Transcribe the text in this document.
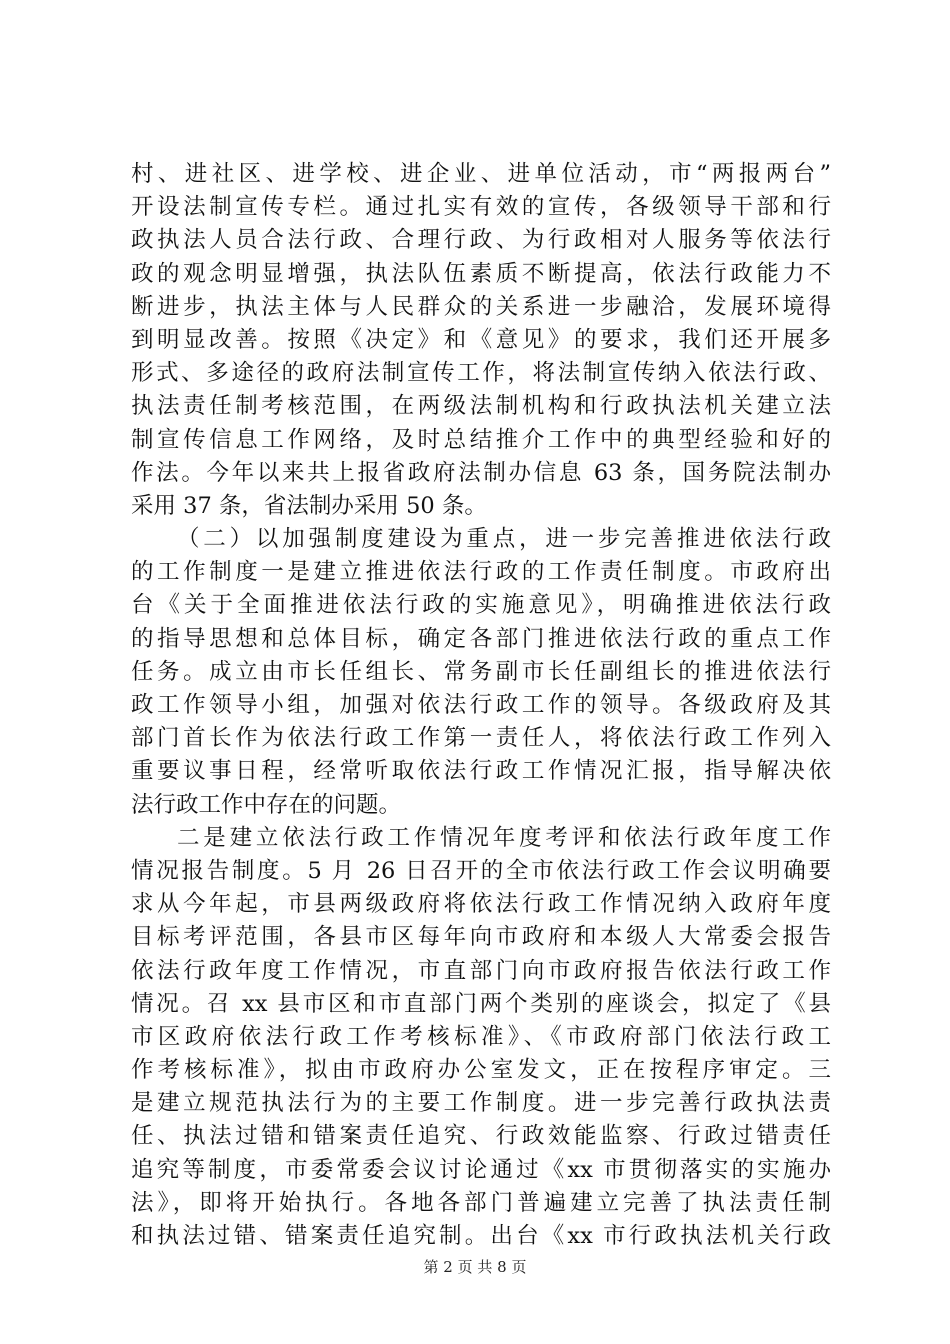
村、进社区、进学校、进企业、进单位活动，市“两报两台”
开设法制宣传专栏。通过扎实有效的宣传，各级领导干部和行
政执法人员合法行政、合理行政、为行政相对人服务等依法行
政的观念明显增强，执法队伍素质不断提高，依法行政能力不
断进步，执法主体与人民群众的关系进一步融洽，发展环境得
到明显改善。按照《决定》和《意见》的要求，我们还开展多
形式、多途径的政府法制宣传工作，将法制宣传纳入依法行政、
执法责任制考核范围，在两级法制机构和行政执法机关建立法
制宣传信息工作网络，及时总结推介工作中的典型经验和好的
作法。今年以来共上报省政府法制办信息 63 条，国务院法制办
采用 37 条，省法制办采用 50 条。
（二）以加强制度建设为重点，进一步完善推进依法行政
的工作制度一是建立推进依法行政的工作责任制度。市政府出
台《关于全面推进依法行政的实施意见》，明确推进依法行政
的指导思想和总体目标，确定各部门推进依法行政的重点工作
任务。成立由市长任组长、常务副市长任副组长的推进依法行
政工作领导小组，加强对依法行政工作的领导。各级政府及其
部门首长作为依法行政工作第一责任人，将依法行政工作列入
重要议事日程，经常听取依法行政工作情况汇报，指导解决依
法行政工作中存在的问题。
二是建立依法行政工作情况年度考评和依法行政年度工作
情况报告制度。5 月 26 日召开的全市依法行政工作会议明确要
求从今年起，市县两级政府将依法行政工作情况纳入政府年度
目标考评范围，各县市区每年向市政府和本级人大常委会报告
依法行政年度工作情况，市直部门向市政府报告依法行政工作
情况。召 xx 县市区和市直部门两个类别的座谈会，拟定了《县
市区政府依法行政工作考核标准》、《市政府部门依法行政工
作考核标准》，拟由市政府办公室发文，正在按程序审定。三
是建立规范执法行为的主要工作制度。进一步完善行政执法责
任、执法过错和错案责任追究、行政效能监察、行政过错责任
追究等制度，市委常委会议讨论通过《xx 市贯彻落实的实施办
法》，即将开始执行。各地各部门普遍建立完善了执法责任制
和执法过错、错案责任追究制。出台《xx 市行政执法机关行政
第 2 页 共 8 页
